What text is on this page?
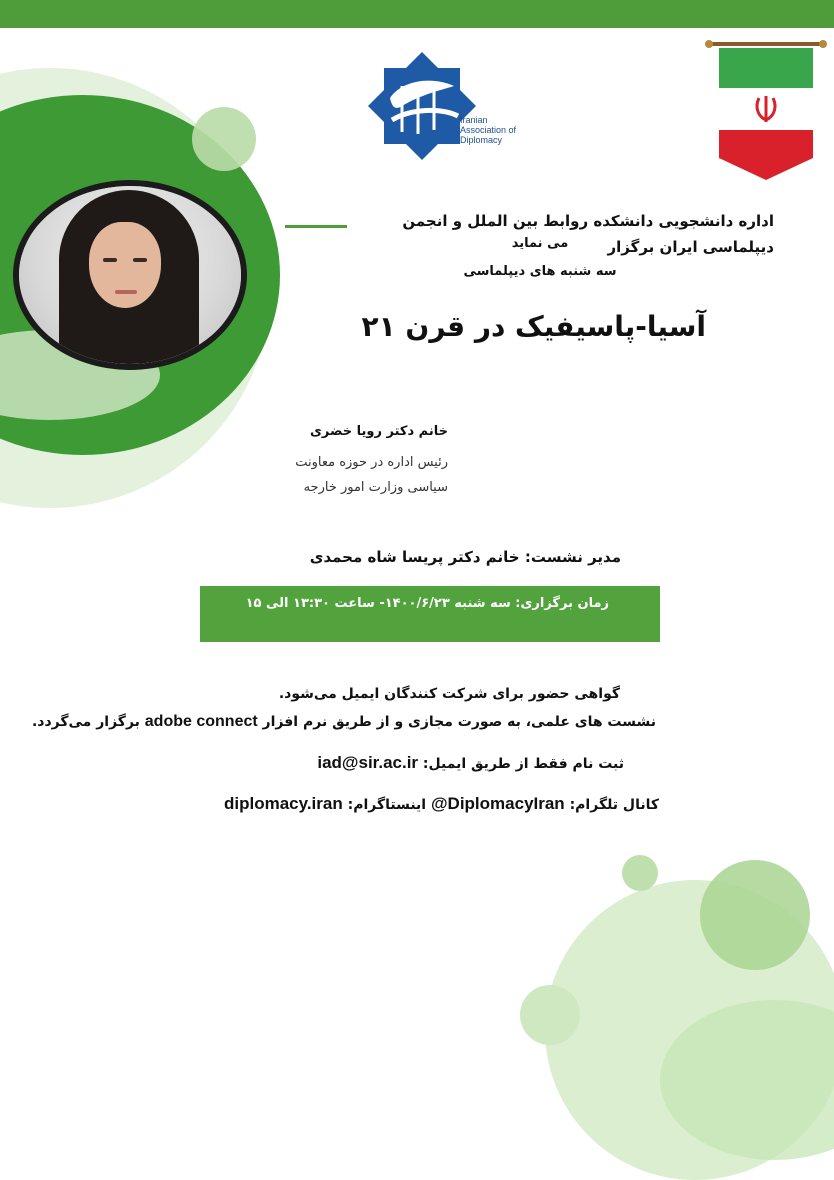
IAD
Iranian Association of Diplomacy
اداره دانشجویی دانشکده روابط بین الملل و انجمن دیپلماسی ایران برگزار
می نماید
سه شنبه های دیپلماسی
آسیا-پاسیفیک در قرن ۲۱
خانم دکتر رویا خضری
رئیس اداره در حوزه معاونت
سیاسی وزارت امور خارجه
مدیر نشست: خانم دکتر پریسا شاه محمدی
زمان برگزاری: سه شنبه ۱۴۰۰/۶/۲۳- ساعت ۱۳:۳۰ الی ۱۵
گواهی حضور برای شرکت کنندگان ایمیل می‌شود.
نشست های علمی، به صورت مجازی و از طریق نرم افزار adobe connect برگزار می‌گردد.
ثبت نام فقط از طریق ایمیل: iad@sir.ac.ir
کانال تلگرام: DiplomacyIran@ اینستاگرام: diplomacy.iran
